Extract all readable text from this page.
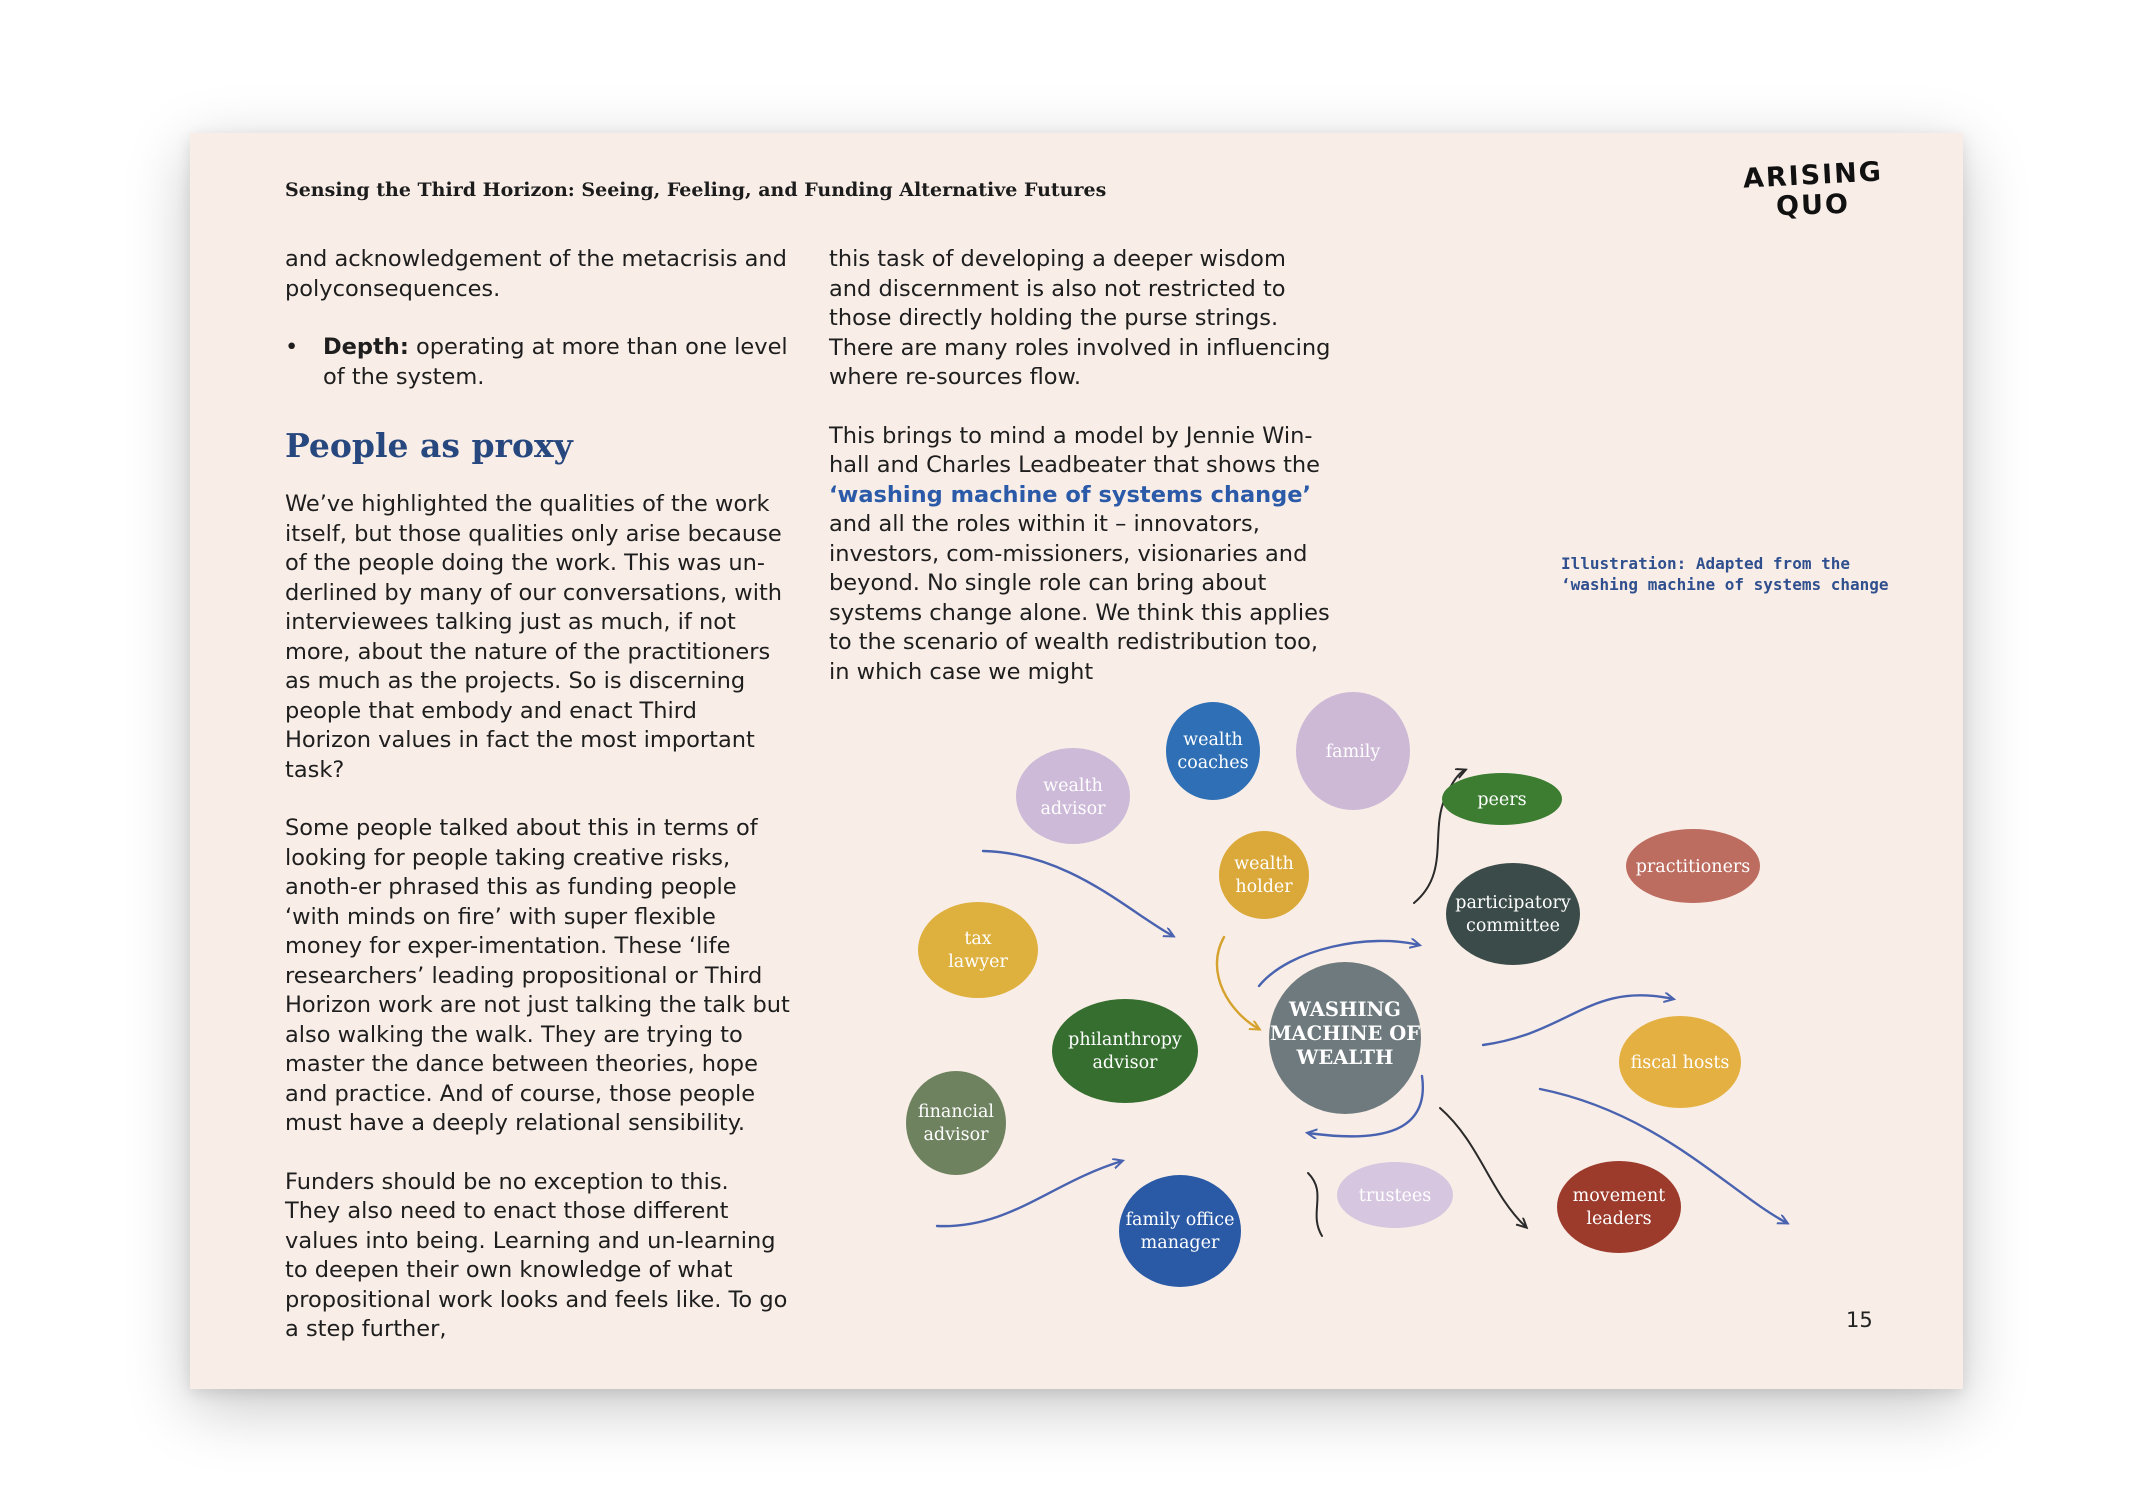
Sensing the Third Horizon: Seeing, Feeling, and Funding Alternative Futures	ARISING
QUO

and acknowledgement of the metacrisis and polyconsequences.

• Depth: operating at more than one level of the system.

People as proxy

We’ve highlighted the qualities of the work itself, but those qualities only arise because of the people doing the work. This was un-derlined by many of our conversations, with interviewees talking just as much, if not more, about the nature of the practitioners as much as the projects. So is discerning people that embody and enact Third Horizon values in fact the most important task?

Some people talked about this in terms of looking for people taking creative risks, anoth-er phrased this as funding people ‘with minds on fire’ with super flexible money for exper-imentation. These ‘life researchers’ leading propositional or Third Horizon work are not just talking the talk but also walking the walk. They are trying to master the dance between theories, hope and practice. And of course, those people must have a deeply relational sensibility.

Funders should be no exception to this. They also need to enact those different values into being. Learning and un-learning to deepen their own knowledge of what propositional work looks and feels like. To go a step further,

this task of developing a deeper wisdom and discernment is also not restricted to those directly holding the purse strings. There are many roles involved in influencing where re-sources flow.

This brings to mind a model by Jennie Win-hall and Charles Leadbeater that shows the ‘washing machine of systems change’ and all the roles within it – innovators, investors, com-missioners, visionaries and beyond. No single role can bring about systems change alone. We think this applies to the scenario of wealth redistribution too, in which case we might

Illustration: Adapted from the ‘washing machine of systems change
WASHING
MACHINE OF
WEALTH
wealth
coaches
family
wealth
advisor	peers
practitioners
wealth
holder
participatory
committee
tax
lawyer
philanthropy
advisor	fiscal hosts
financial
advisor
family office
manager
trustees	movement
leaders
15
